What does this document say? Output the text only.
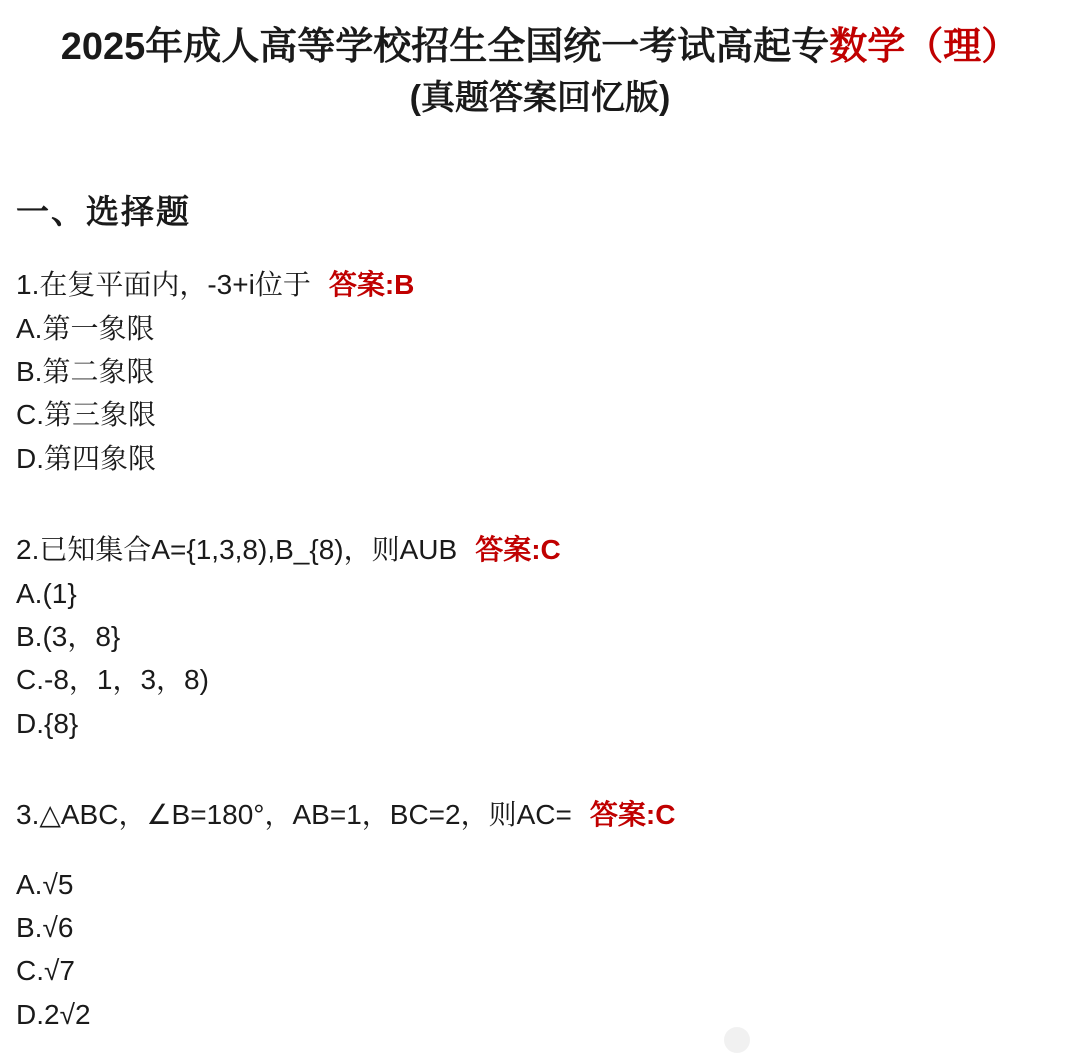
2025年成人高等学校招生全国统一考试高起专数学（理）
(真题答案回忆版)
一、选择题
1.在复平面内，-3+i位于 答案:B
A.第一象限
B.第二象限
C.第三象限
D.第四象限
2.已知集合A={1,3,8),B_{8)，则AUB 答案:C
A.(1}
B.(3，8}
C.-8，1，3，8)
D.{8}
3.△ABC，∠B=180°，AB=1，BC=2，则AC= 答案:C
A.√5
B.√6
C.√7
D.2√2
